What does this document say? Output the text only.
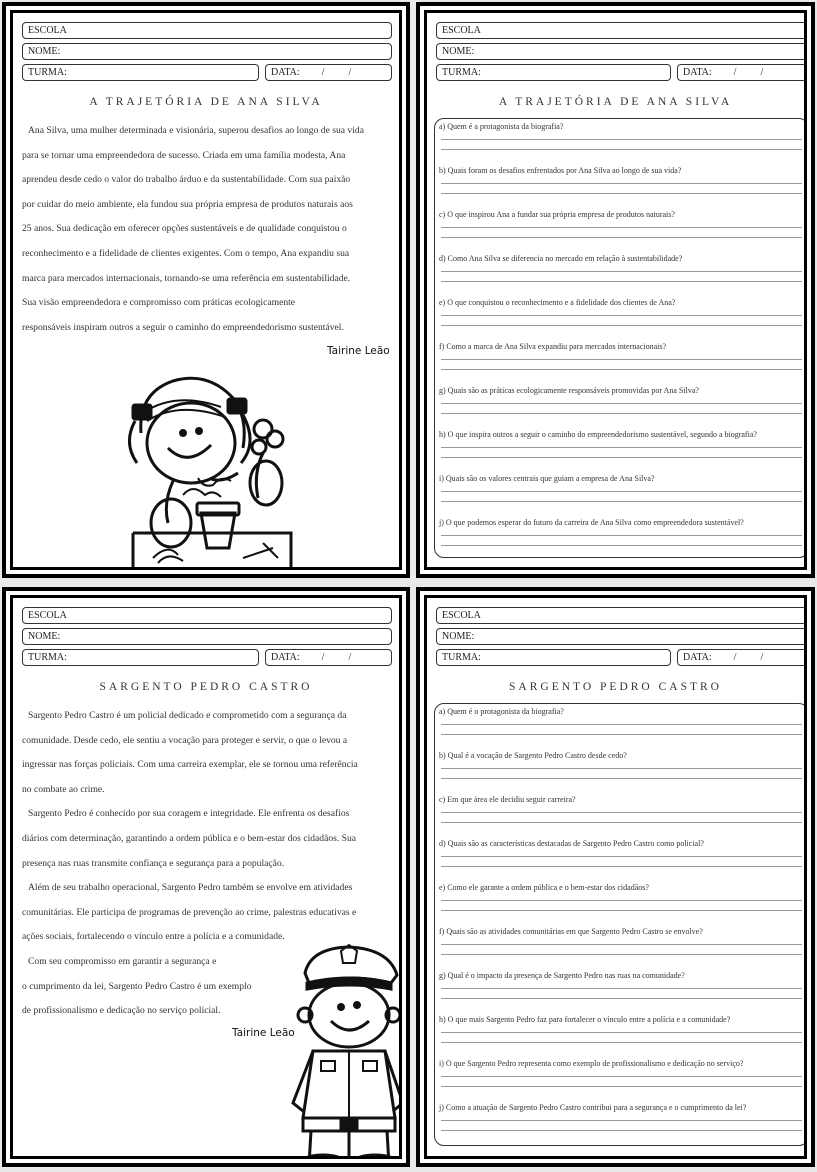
ESCOLA
NOME:
TURMA:	DATA: / /
A TRAJETÓRIA DE ANA SILVA
Ana Silva, uma mulher determinada e visionária, superou desafios ao longo de sua vida
para se tornar uma empreendedora de sucesso. Criada em uma família modesta, Ana
aprendeu desde cedo o valor do trabalho árduo e da sustentabilidade. Com sua paixão
por cuidar do meio ambiente, ela fundou sua própria empresa de produtos naturais aos
25 anos. Sua dedicação em oferecer opções sustentáveis e de qualidade conquistou o
reconhecimento e a fidelidade de clientes exigentes. Com o tempo, Ana expandiu sua
marca para mercados internacionais, tornando-se uma referência em sustentabilidade.
Sua visão empreendedora e compromisso com práticas ecologicamente
responsáveis inspiram outros a seguir o caminho do empreendedorismo sustentável.
Tairine Leão
ESCOLA
NOME:
TURMA:	DATA: / /
A TRAJETÓRIA DE ANA SILVA
a) Quem é a protagonista da biografia?
b) Quais foram os desafios enfrentados por Ana Silva ao longo de sua vida?
c) O que inspirou Ana a fundar sua própria empresa de produtos naturais?
d) Como Ana Silva se diferencia no mercado em relação à sustentabilidade?
e) O que conquistou o reconhecimento e a fidelidade dos clientes de Ana?
f) Como a marca de Ana Silva expandiu para mercados internacionais?
g) Quais são as práticas ecologicamente responsáveis promovidas por Ana Silva?
h) O que inspira outros a seguir o caminho do empreendedorismo sustentável, segundo a biografia?
i) Quais são os valores centrais que guiam a empresa de Ana Silva?
j) O que podemos esperar do futuro da carreira de Ana Silva como empreendedora sustentável?
ESCOLA
NOME:
TURMA:	DATA: / /
SARGENTO PEDRO CASTRO
Sargento Pedro Castro é um policial dedicado e comprometido com a segurança da
comunidade. Desde cedo, ele sentiu a vocação para proteger e servir, o que o levou a
ingressar nas forças policiais. Com uma carreira exemplar, ele se tornou uma referência
no combate ao crime.
Sargento Pedro é conhecido por sua coragem e integridade. Ele enfrenta os desafios
diários com determinação, garantindo a ordem pública e o bem-estar dos cidadãos. Sua
presença nas ruas transmite confiança e segurança para a população.
Além de seu trabalho operacional, Sargento Pedro também se envolve em atividades
comunitárias. Ele participa de programas de prevenção ao crime, palestras educativas e
ações sociais, fortalecendo o vínculo entre a polícia e a comunidade.
Com seu compromisso em garantir a segurança e
o cumprimento da lei, Sargento Pedro Castro é um exemplo
de profissionalismo e dedicação no serviço policial.
Tairine Leão
ESCOLA
NOME:
TURMA:	DATA: / /
SARGENTO PEDRO CASTRO
a) Quem é o protagonista da biografia?
b) Qual é a vocação de Sargento Pedro Castro desde cedo?
c) Em que área ele decidiu seguir carreira?
d) Quais são as características destacadas de Sargento Pedro Castro como policial?
e) Como ele garante a ordem pública e o bem-estar dos cidadãos?
f) Quais são as atividades comunitárias em que Sargento Pedro Castro se envolve?
g) Qual é o impacto da presença de Sargento Pedro nas ruas na comunidade?
h) O que mais Sargento Pedro faz para fortalecer o vínculo entre a polícia e a comunidade?
i) O que Sargento Pedro representa como exemplo de profissionalismo e dedicação no serviço?
j) Como a atuação de Sargento Pedro Castro contribui para a segurança e o cumprimento da lei?
